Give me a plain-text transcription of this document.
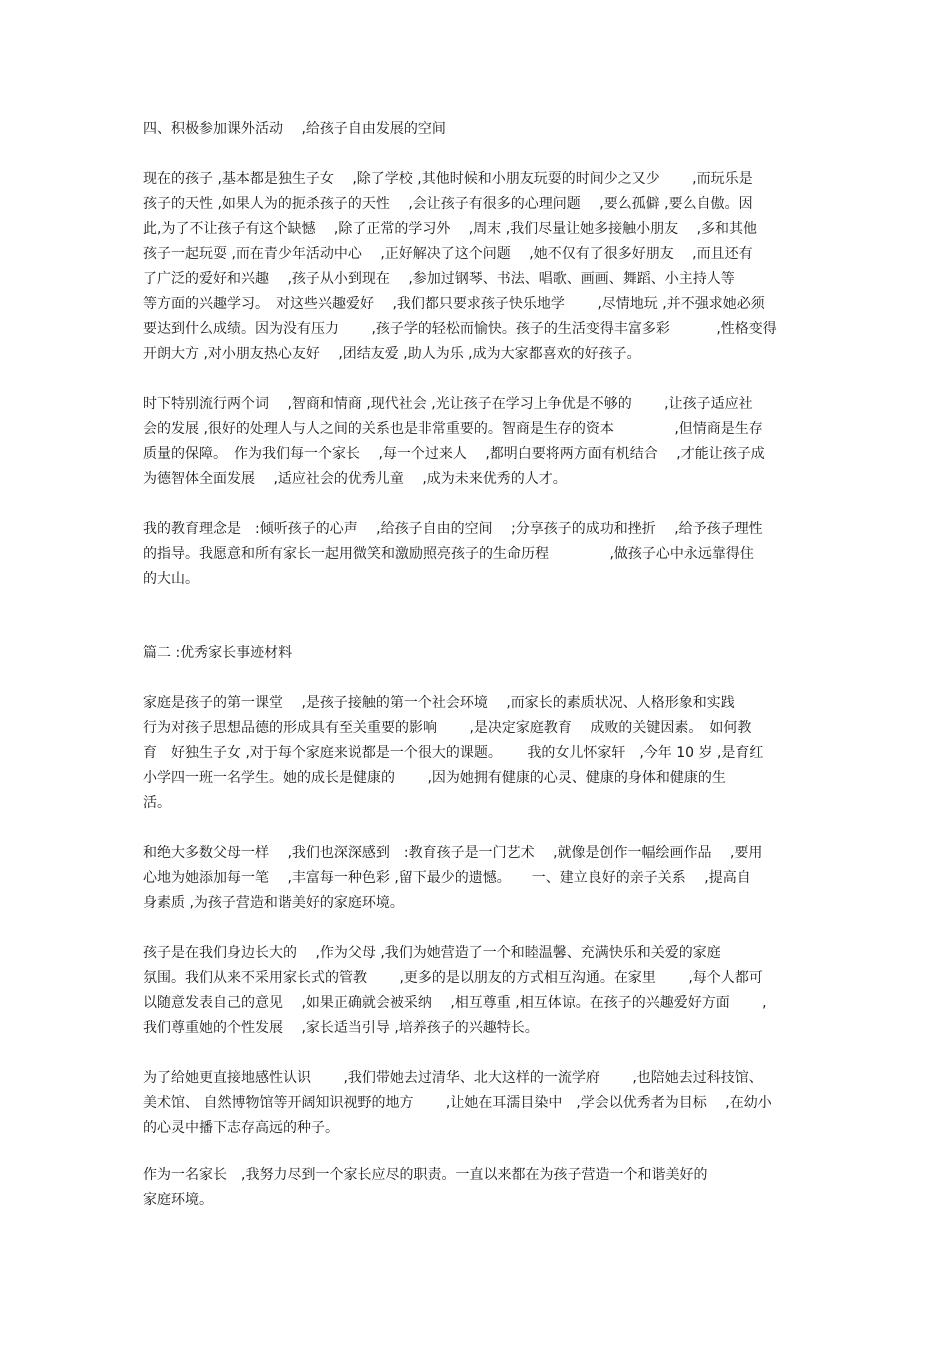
四、积极参加课外活动　 ,给孩子自由发展的空间
现在的孩子 ,基本都是独生子女　 ,除了学校 ,其他时候和小朋友玩耍的时间少之又少　　 ,而玩乐是
孩子的天性 ,如果人为的扼杀孩子的天性　 ,会让孩子有很多的心理问题　 ,要么孤僻 ,要么自傲。因
此,为了不让孩子有这个缺憾　 ,除了正常的学习外　 ,周末 ,我们尽量让她多接触小朋友　 ,多和其他
孩子一起玩耍 ,而在青少年活动中心　 ,正好解决了这个问题　 ,她不仅有了很多好朋友　 ,而且还有
了广泛的爱好和兴趣　 ,孩子从小到现在　 ,参加过钢琴、书法、唱歌、画画、舞蹈、小主持人等
等方面的兴趣学习。　对这些兴趣爱好　 ,我们都只要求孩子快乐地学　　 ,尽情地玩 ,并不强求她必须
要达到什么成绩。因为没有压力　　 ,孩子学的轻松而愉快。孩子的生活变得丰富多彩　　　 ,性格变得
开朗大方 ,对小朋友热心友好　 ,团结友爱 ,助人为乐 ,成为大家都喜欢的好孩子。
时下特别流行两个词　 ,智商和情商 ,现代社会 ,光让孩子在学习上争优是不够的　　 ,让孩子适应社
会的发展 ,很好的处理人与人之间的关系也是非常重要的。智商是生存的资本　　　　 ,但情商是生存
质量的保障。　作为我们每一个家长　 ,每一个过来人　 ,都明白要将两方面有机结合　 ,才能让孩子成
为德智体全面发展　 ,适应社会的优秀儿童　 ,成为未来优秀的人才。
我的教育理念是　:倾听孩子的心声　 ,给孩子自由的空间　 ;分享孩子的成功和挫折　 ,给予孩子理性
的指导。我愿意和所有家长一起用微笑和激励照亮孩子的生命历程　　　　 ,做孩子心中永远靠得住
的大山。
篇二 :优秀家长事迹材料
家庭是孩子的第一课堂　 ,是孩子接触的第一个社会环境　 ,而家长的素质状况、人格形象和实践
行为对孩子思想品德的形成具有至关重要的影响　　 ,是决定家庭教育　 成败的关键因素。　如何教
育　好独生子女 ,对于每个家庭来说都是一个很大的课题。　　 我的女儿怀家轩　,今年 10 岁 ,是育红
小学四一班一名学生。她的成长是健康的　　 ,因为她拥有健康的心灵、健康的身体和健康的生
活。
和绝大多数父母一样　 ,我们也深深感到　:教育孩子是一门艺术　 ,就像是创作一幅绘画作品　 ,要用
心地为她添加每一笔　 ,丰富每一种色彩 ,留下最少的遗憾。　　一、建立良好的亲子关系　 ,提高自
身素质 ,为孩子营造和谐美好的家庭环境。
孩子是在我们身边长大的　 ,作为父母 ,我们为她营造了一个和睦温馨、充满快乐和关爱的家庭
氛围。我们从来不采用家长式的管教　　 ,更多的是以朋友的方式相互沟通。在家里　　 ,每个人都可
以随意发表自己的意见　 ,如果正确就会被采纳　 ,相互尊重 ,相互体谅。在孩子的兴趣爱好方面　　 ,
我们尊重她的个性发展　 ,家长适当引导 ,培养孩子的兴趣特长。
为了给她更直接地感性认识　　 ,我们带她去过清华、北大这样的一流学府　　 ,也陪她去过科技馆、
美术馆、 自然博物馆等开阔知识视野的地方　　 ,让她在耳濡目染中　,学会以优秀者为目标　 ,在幼小
的心灵中播下志存高远的种子。
作为一名家长　,我努力尽到一个家长应尽的职责。一直以来都在为孩子营造一个和谐美好的
家庭环境。
